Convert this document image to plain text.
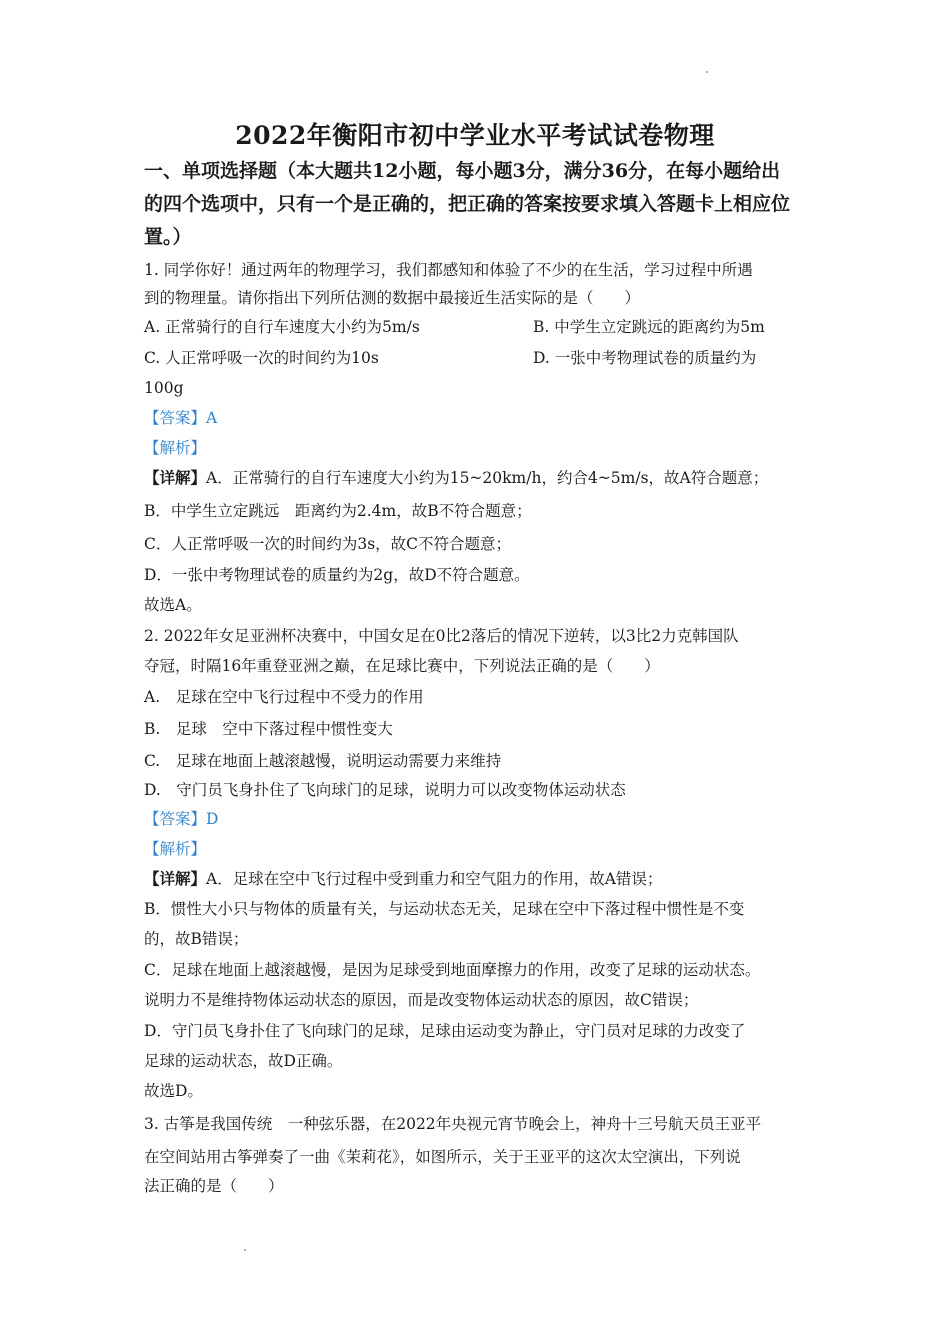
2022年衡阳市初中学业水平考试试卷物理
一、单项选择题（本大题共12小题，每小题3分，满分36分，在每小题给出
的四个选项中，只有一个是正确的，把正确的答案按要求填入答题卡上相应位
置。）
1. 同学你好！通过两年的物理学习，我们都感知和体验了不少的在生活，学习过程中所遇
到的物理量。请你指出下列所估测的数据中最接近生活实际的是（　　）
A. 正常骑行的自行车速度大小约为5m/s	B. 中学生立定跳远的距离约为5m
C. 人正常呼吸一次的时间约为10s	D. 一张中考物理试卷的质量约为
100g
【答案】A
【解析】
【详解】A．正常骑行的自行车速度大小约为15~20km/h，约合4~5m/s，故A符合题意；
B．中学生立定跳远　距离约为2.4m，故B不符合题意；
C．人正常呼吸一次的时间约为3s，故C不符合题意；
D．一张中考物理试卷的质量约为2g，故D不符合题意。
故选A。
2. 2022年女足亚洲杯决赛中，中国女足在0比2落后的情况下逆转，以3比2力克韩国队
夺冠，时隔16年重登亚洲之巅，在足球比赛中，下列说法正确的是（　　）
A.　足球在空中飞行过程中不受力的作用
B.　足球　空中下落过程中惯性变大
C.　足球在地面上越滚越慢，说明运动需要力来维持
D.　守门员飞身扑住了飞向球门的足球，说明力可以改变物体运动状态
【答案】D
【解析】
【详解】A．足球在空中飞行过程中受到重力和空气阻力的作用，故A错误；
B．惯性大小只与物体的质量有关，与运动状态无关，足球在空中下落过程中惯性是不变
的，故B错误；
C．足球在地面上越滚越慢，是因为足球受到地面摩擦力的作用，改变了足球的运动状态。
说明力不是维持物体运动状态的原因，而是改变物体运动状态的原因，故C错误；
D．守门员飞身扑住了飞向球门的足球，足球由运动变为静止，守门员对足球的力改变了
足球的运动状态，故D正确。
故选D。
3. 古筝是我国传统　一种弦乐器，在2022年央视元宵节晚会上，神舟十三号航天员王亚平
在空间站用古筝弹奏了一曲《茉莉花》，如图所示，关于王亚平的这次太空演出，下列说
法正确的是（　　）
